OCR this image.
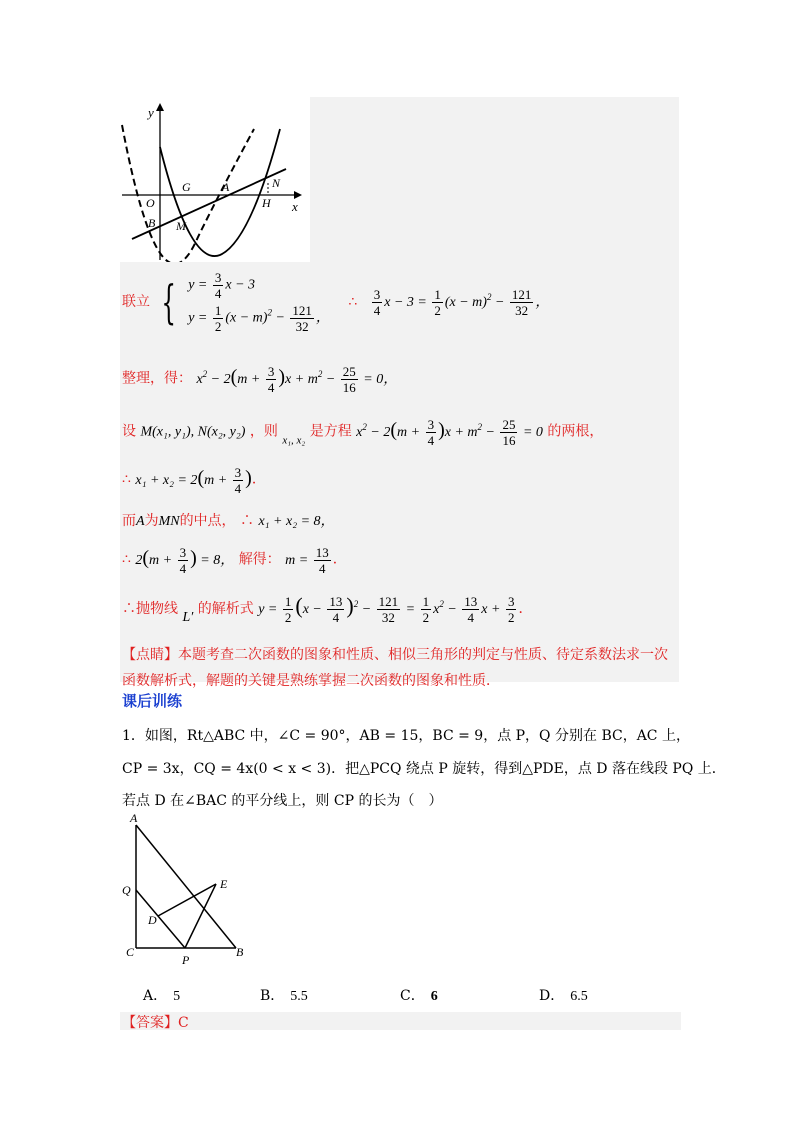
y
x
O
G	A	N
H
B M
联立 { $y = \frac{3}{4}$ x − 3
$y = \frac{1}{2} (x - m)^2 - \frac{121}{32}$ ，
∴ $\frac{3}{4}$ $x - 3 = \frac{1}{2} (x - m)^2 - \frac{121}{32}$ ，
整理，得： $x^2 - 2(m + \frac{3}{4} )x + m^2 - \frac{25}{16} = 0$，
设 M(x₁, y₁), N(x₂, y₂) ，则 $_{x_1, x_2}$ 是方程 $x^2 - 2(m + \frac{3}{4} )x + m^2 - \frac{25}{16} = 0$ 的两根，
∴ $x_1 + x_2 = 2(m + \frac{3}{4}$ )．
而A为MN的中点， ∴ x₁ + x₂ = 8，
∴ $2(m + \frac{3}{4}$ ) = 8， 解得： $m = \frac{13}{4}$ ．
∴抛物线 L′ 的解析式 $y = \frac{1}{2} (x - \frac{13}{4} )^2 - \frac{121}{32} = \frac{1}{2} x^2 - \frac{13}{4}$ $x + \frac{3}{2}$ ．
【点睛】本题考查二次函数的图象和性质、相似三角形的判定与性质、待定系数法求一次函数解析式，解题的关键是熟练掌握二次函数的图象和性质．
课后训练
1．如图，Rt△ABC 中，∠C = 90°，AB = 15，BC = 9，点 P，Q 分别在 BC，AC 上，
CP = 3x，CQ = 4x(0 < x < 3)．把△PCQ 绕点 P 旋转，得到△PDE，点 D 落在线段 PQ 上．
若点 D 在∠BAC 的平分线上，则 CP 的长为（　）
A
Q	E
D
C
P
B
A． 5	B． 5.5	C． 6	D． 6.5
【答案】C
